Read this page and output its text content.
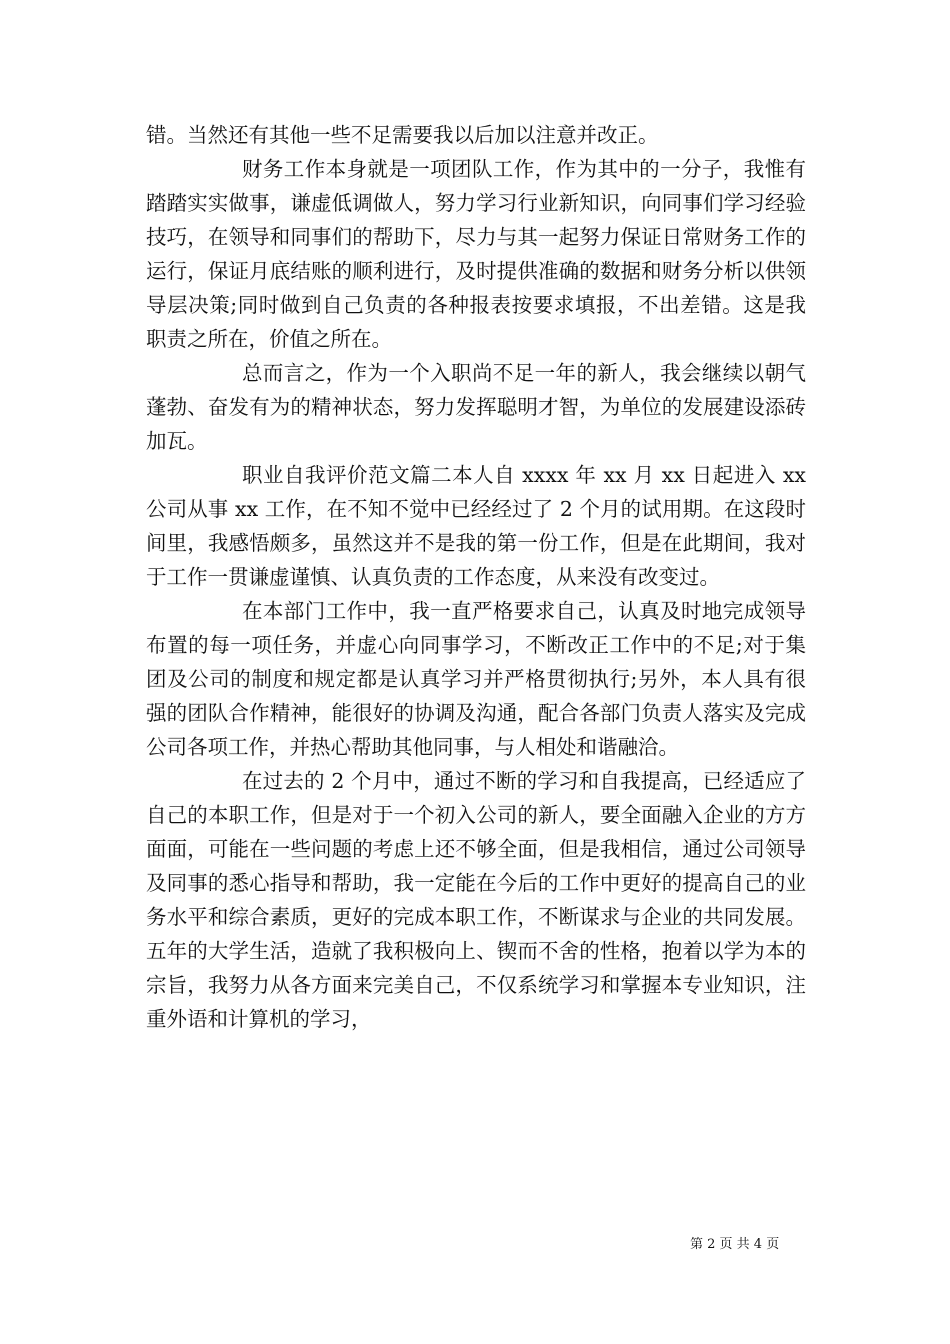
错。当然还有其他一些不足需要我以后加以注意并改正。

财务工作本身就是一项团队工作，作为其中的一分子，我惟有踏踏实实做事，谦虚低调做人，努力学习行业新知识，向同事们学习经验技巧，在领导和同事们的帮助下，尽力与其一起努力保证日常财务工作的运行，保证月底结账的顺利进行，及时提供准确的数据和财务分析以供领导层决策;同时做到自己负责的各种报表按要求填报，不出差错。这是我职责之所在，价值之所在。

总而言之，作为一个入职尚不足一年的新人，我会继续以朝气蓬勃、奋发有为的精神状态，努力发挥聪明才智，为单位的发展建设添砖加瓦。

职业自我评价范文篇二本人自 xxxx 年 xx 月 xx 日起进入 xx 公司从事 xx 工作，在不知不觉中已经经过了 2 个月的试用期。在这段时间里，我感悟颇多，虽然这并不是我的第一份工作，但是在此期间，我对于工作一贯谦虚谨慎、认真负责的工作态度，从来没有改变过。

在本部门工作中，我一直严格要求自己，认真及时地完成领导布置的每一项任务，并虚心向同事学习，不断改正工作中的不足;对于集团及公司的制度和规定都是认真学习并严格贯彻执行;另外，本人具有很强的团队合作精神，能很好的协调及沟通，配合各部门负责人落实及完成公司各项工作，并热心帮助其他同事，与人相处和谐融洽。

在过去的 2 个月中，通过不断的学习和自我提高，已经适应了自己的本职工作，但是对于一个初入公司的新人，要全面融入企业的方方面面，可能在一些问题的考虑上还不够全面，但是我相信，通过公司领导及同事的悉心指导和帮助，我一定能在今后的工作中更好的提高自己的业务水平和综合素质，更好的完成本职工作，不断谋求与企业的共同发展。五年的大学生活，造就了我积极向上、锲而不舍的性格，抱着以学为本的宗旨，我努力从各方面来完美自己，不仅系统学习和掌握本专业知识，注重外语和计算机的学习，

第 2 页 共 4 页
